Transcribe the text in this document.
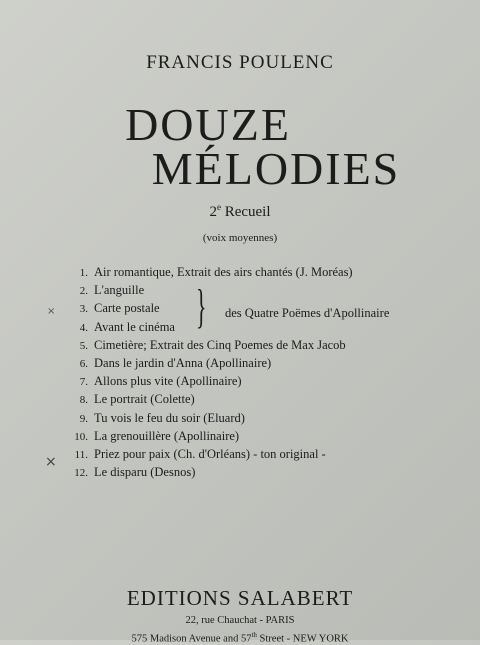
FRANCIS POULENC
DOUZE
MÉLODIES
2e Recueil
(voix moyennes)
1. Air romantique, Extrait des airs chantés (J. Moréas)
2. L'anguille
3. Carte postale
4. Avant le cinéma
5. Cimetière; Extrait des Cinq Poemes de Max Jacob
6. Dans le jardin d'Anna (Apollinaire)
7. Allons plus vite (Apollinaire)
8. Le portrait (Colette)
9. Tu vois le feu du soir (Eluard)
10. La grenouillère (Apollinaire)
11. Priez pour paix (Ch. d'Orléans) - ton original -
12. Le disparu (Desnos)
} des Quatre Poëmes d'Apollinaire
×
×
EDITIONS SALABERT
22, rue Chauchat - PARIS
575 Madison Avenue and 57th Street - NEW YORK
